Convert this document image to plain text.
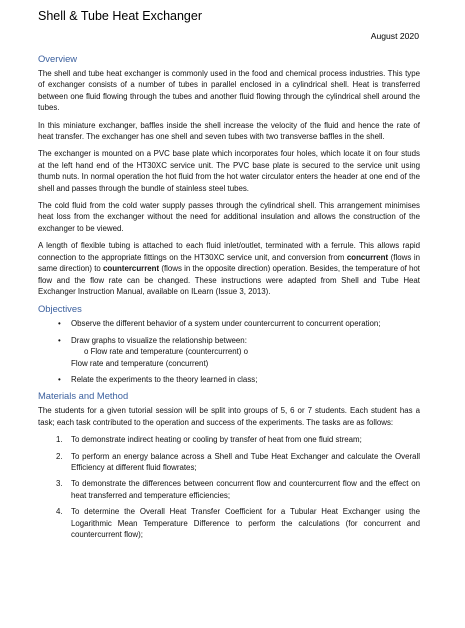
Shell & Tube Heat Exchanger
August 2020
Overview

The shell and tube heat exchanger is commonly used in the food and chemical process industries. This type of exchanger consists of a number of tubes in parallel enclosed in a cylindrical shell. Heat is transferred between one fluid flowing through the tubes and another fluid flowing through the cylindrical shell around the tubes.

In this miniature exchanger, baffles inside the shell increase the velocity of the fluid and hence the rate of heat transfer. The exchanger has one shell and seven tubes with two transverse baffles in the shell.

The exchanger is mounted on a PVC base plate which incorporates four holes, which locate it on four studs at the left hand end of the HT30XC service unit. The PVC base plate is secured to the service unit using thumb nuts. In normal operation the hot fluid from the hot water circulator enters the header at one end of the shell and passes through the bundle of stainless steel tubes.

The cold fluid from the cold water supply passes through the cylindrical shell. This arrangement minimises heat loss from the exchanger without the need for additional insulation and allows the construction of the exchanger to be viewed.

A length of flexible tubing is attached to each fluid inlet/outlet, terminated with a ferrule. This allows rapid connection to the appropriate fittings on the HT30XC service unit, and conversion from concurrent (flows in same direction) to countercurrent (flows in the opposite direction) operation. Besides, the temperature of hot flow and the flow rate can be changed. These instructions were adapted from Shell and Tube Heat Exchanger Instruction Manual, available on ILearn (Issue 3, 2013).

Objectives
• Observe the different behavior of a system under countercurrent to concurrent operation;
• Draw graphs to visualize the relationship between:
o Flow rate and temperature (countercurrent) o
Flow rate and temperature (concurrent)
• Relate the experiments to the theory learned in class;
Materials and Method

The students for a given tutorial session will be split into groups of 5, 6 or 7 students. Each student has a task; each task contributed to the operation and success of the experiments. The tasks are as follows:

1. To demonstrate indirect heating or cooling by transfer of heat from one fluid stream;
2. To perform an energy balance across a Shell and Tube Heat Exchanger and calculate the Overall Efficiency at different fluid flowrates;
3. To demonstrate the differences between concurrent flow and countercurrent flow and the effect on heat transferred and temperature efficiencies;
4. To determine the Overall Heat Transfer Coefficient for a Tubular Heat Exchanger using the Logarithmic Mean Temperature Difference to perform the calculations (for concurrent and countercurrent flow);
